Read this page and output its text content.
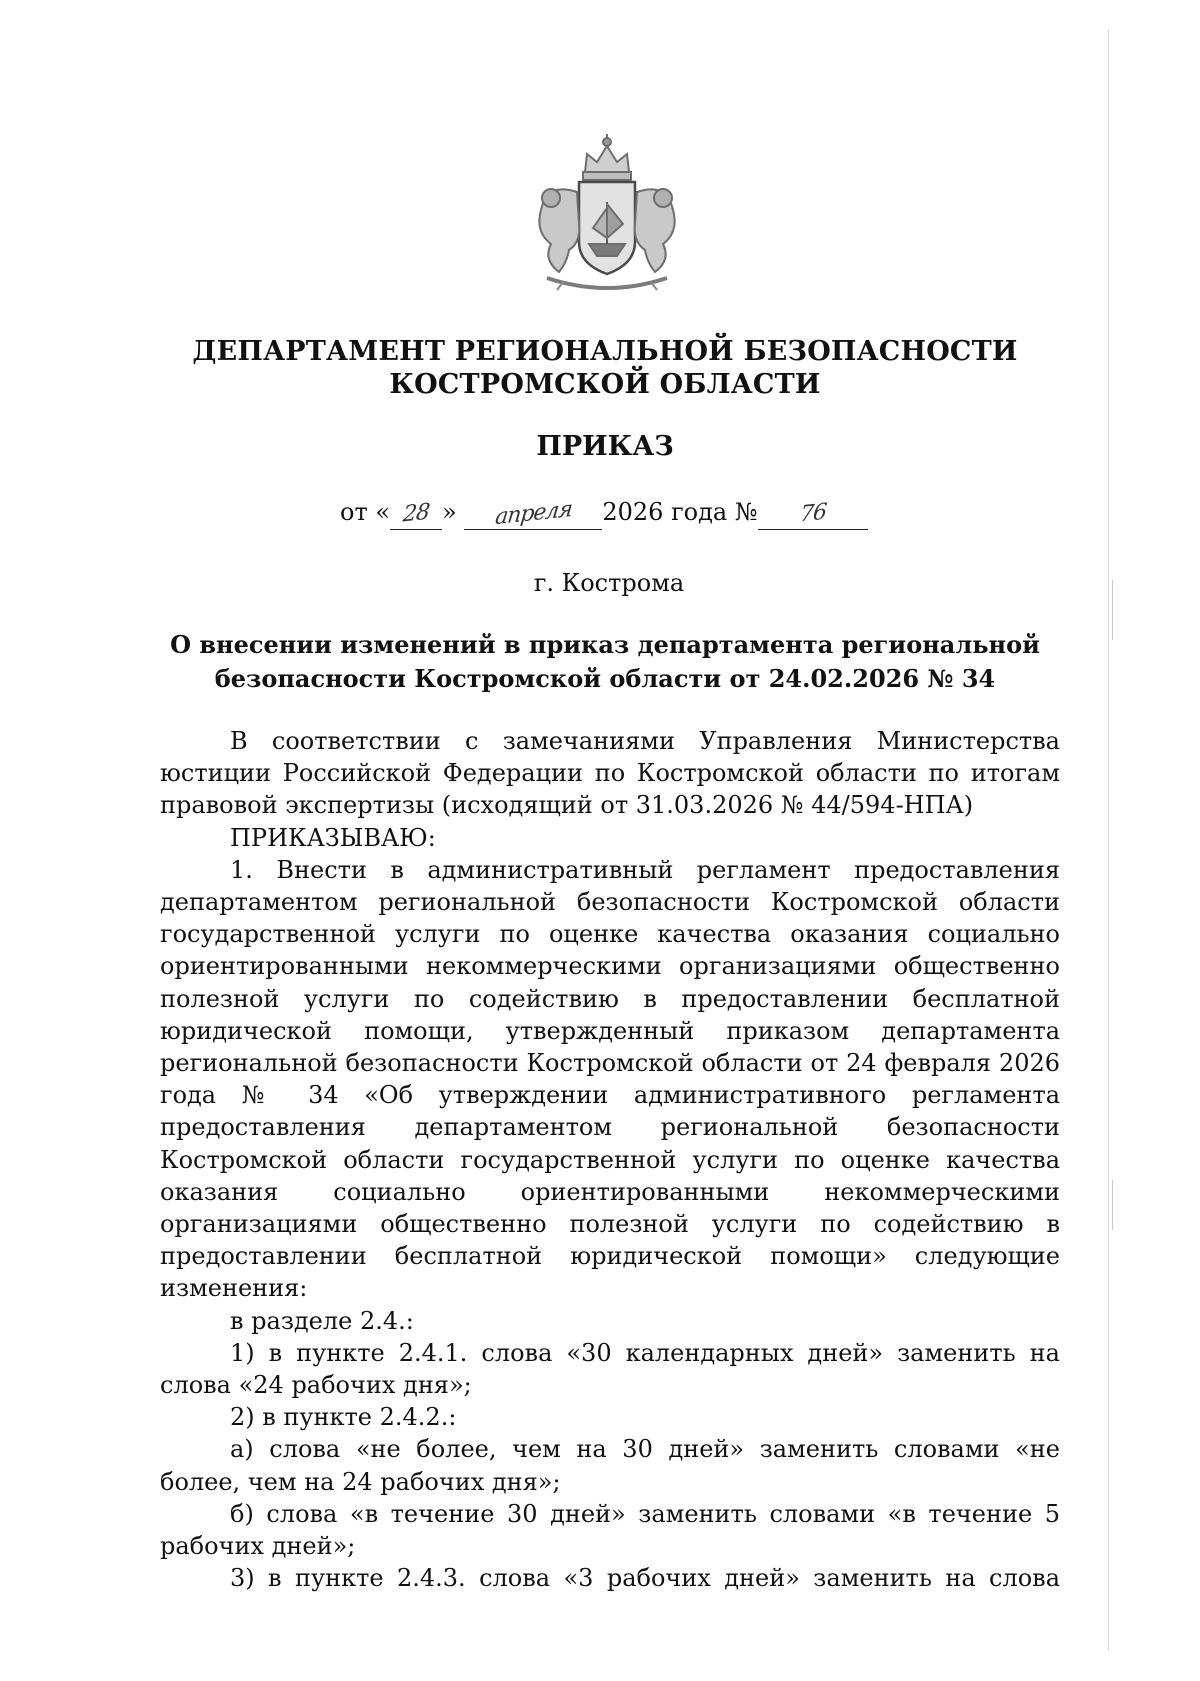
ДЕПАРТАМЕНТ РЕГИОНАЛЬНОЙ БЕЗОПАСНОСТИ КОСТРОМСКОЙ ОБЛАСТИ
ПРИКАЗ
от « 28 » апреля 2026 года № 76
г. Кострома
О внесении изменений в приказ департамента региональной безопасности Костромской области от 24.02.2026 № 34

В соответствии с замечаниями Управления Министерства юстиции Российской Федерации по Костромской области по итогам правовой экспертизы (исходящий от 31.03.2026 № 44/594-НПА)

ПРИКАЗЫВАЮ:

1. Внести в административный регламент предоставления департаментом региональной безопасности Костромской области государственной услуги по оценке качества оказания социально ориентированными некоммерческими организациями общественно полезной услуги по содействию в предоставлении бесплатной юридической помощи, утвержденный приказом департамента региональной безопасности Костромской области от 24 февраля 2026 года № 34 «Об утверждении административного регламента предоставления департаментом региональной безопасности Костромской области государственной услуги по оценке качества оказания социально ориентированными некоммерческими организациями общественно полезной услуги по содействию в предоставлении бесплатной юридической помощи» следующие изменения:

в разделе 2.4.:

1) в пункте 2.4.1. слова «30 календарных дней» заменить на слова «24 рабочих дня»;

2) в пункте 2.4.2.:

а) слова «не более, чем на 30 дней» заменить словами «не более, чем на 24 рабочих дня»;

б) слова «в течение 30 дней» заменить словами «в течение 5 рабочих дней»;

3) в пункте 2.4.3. слова «3 рабочих дней» заменить на слова
